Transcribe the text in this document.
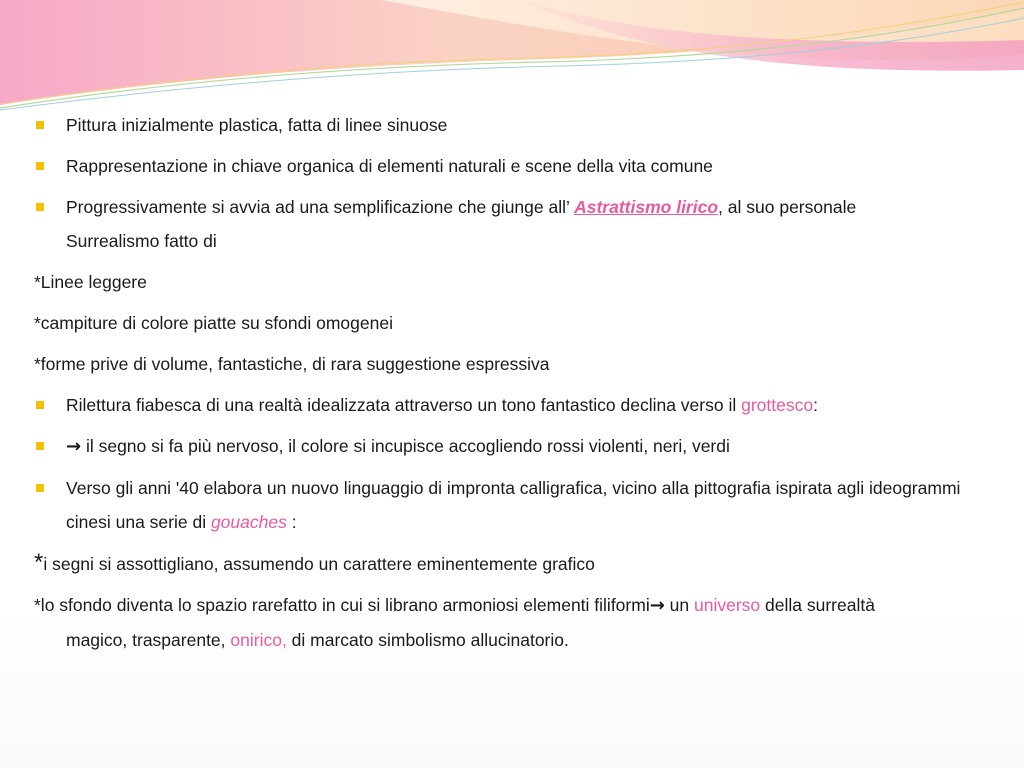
Pittura inizialmente plastica, fatta di linee sinuose

Rappresentazione in chiave organica di elementi naturali e scene della vita comune

Progressivamente si avvia ad una semplificazione che giunge all’ Astrattismo lirico, al suo personale
Surrealismo fatto di

*Linee leggere

*campiture di colore piatte su sfondi omogenei

*forme prive di volume, fantastiche, di rara suggestione espressiva

Rilettura fiabesca di una realtà idealizzata attraverso un tono fantastico declina verso il grottesco:

→ il segno si fa più nervoso, il colore si incupisce accogliendo rossi violenti, neri, verdi

Verso gli anni '40 elabora un nuovo linguaggio di impronta calligrafica, vicino alla pittografia ispirata agli ideogrammi cinesi una serie di gouaches :

*i segni si assottigliano, assumendo un carattere eminentemente grafico

*lo sfondo diventa lo spazio rarefatto in cui si librano armoniosi elementi filiformi→ un universo della surrealtà
magico, trasparente, onirico, di marcato simbolismo allucinatorio.
